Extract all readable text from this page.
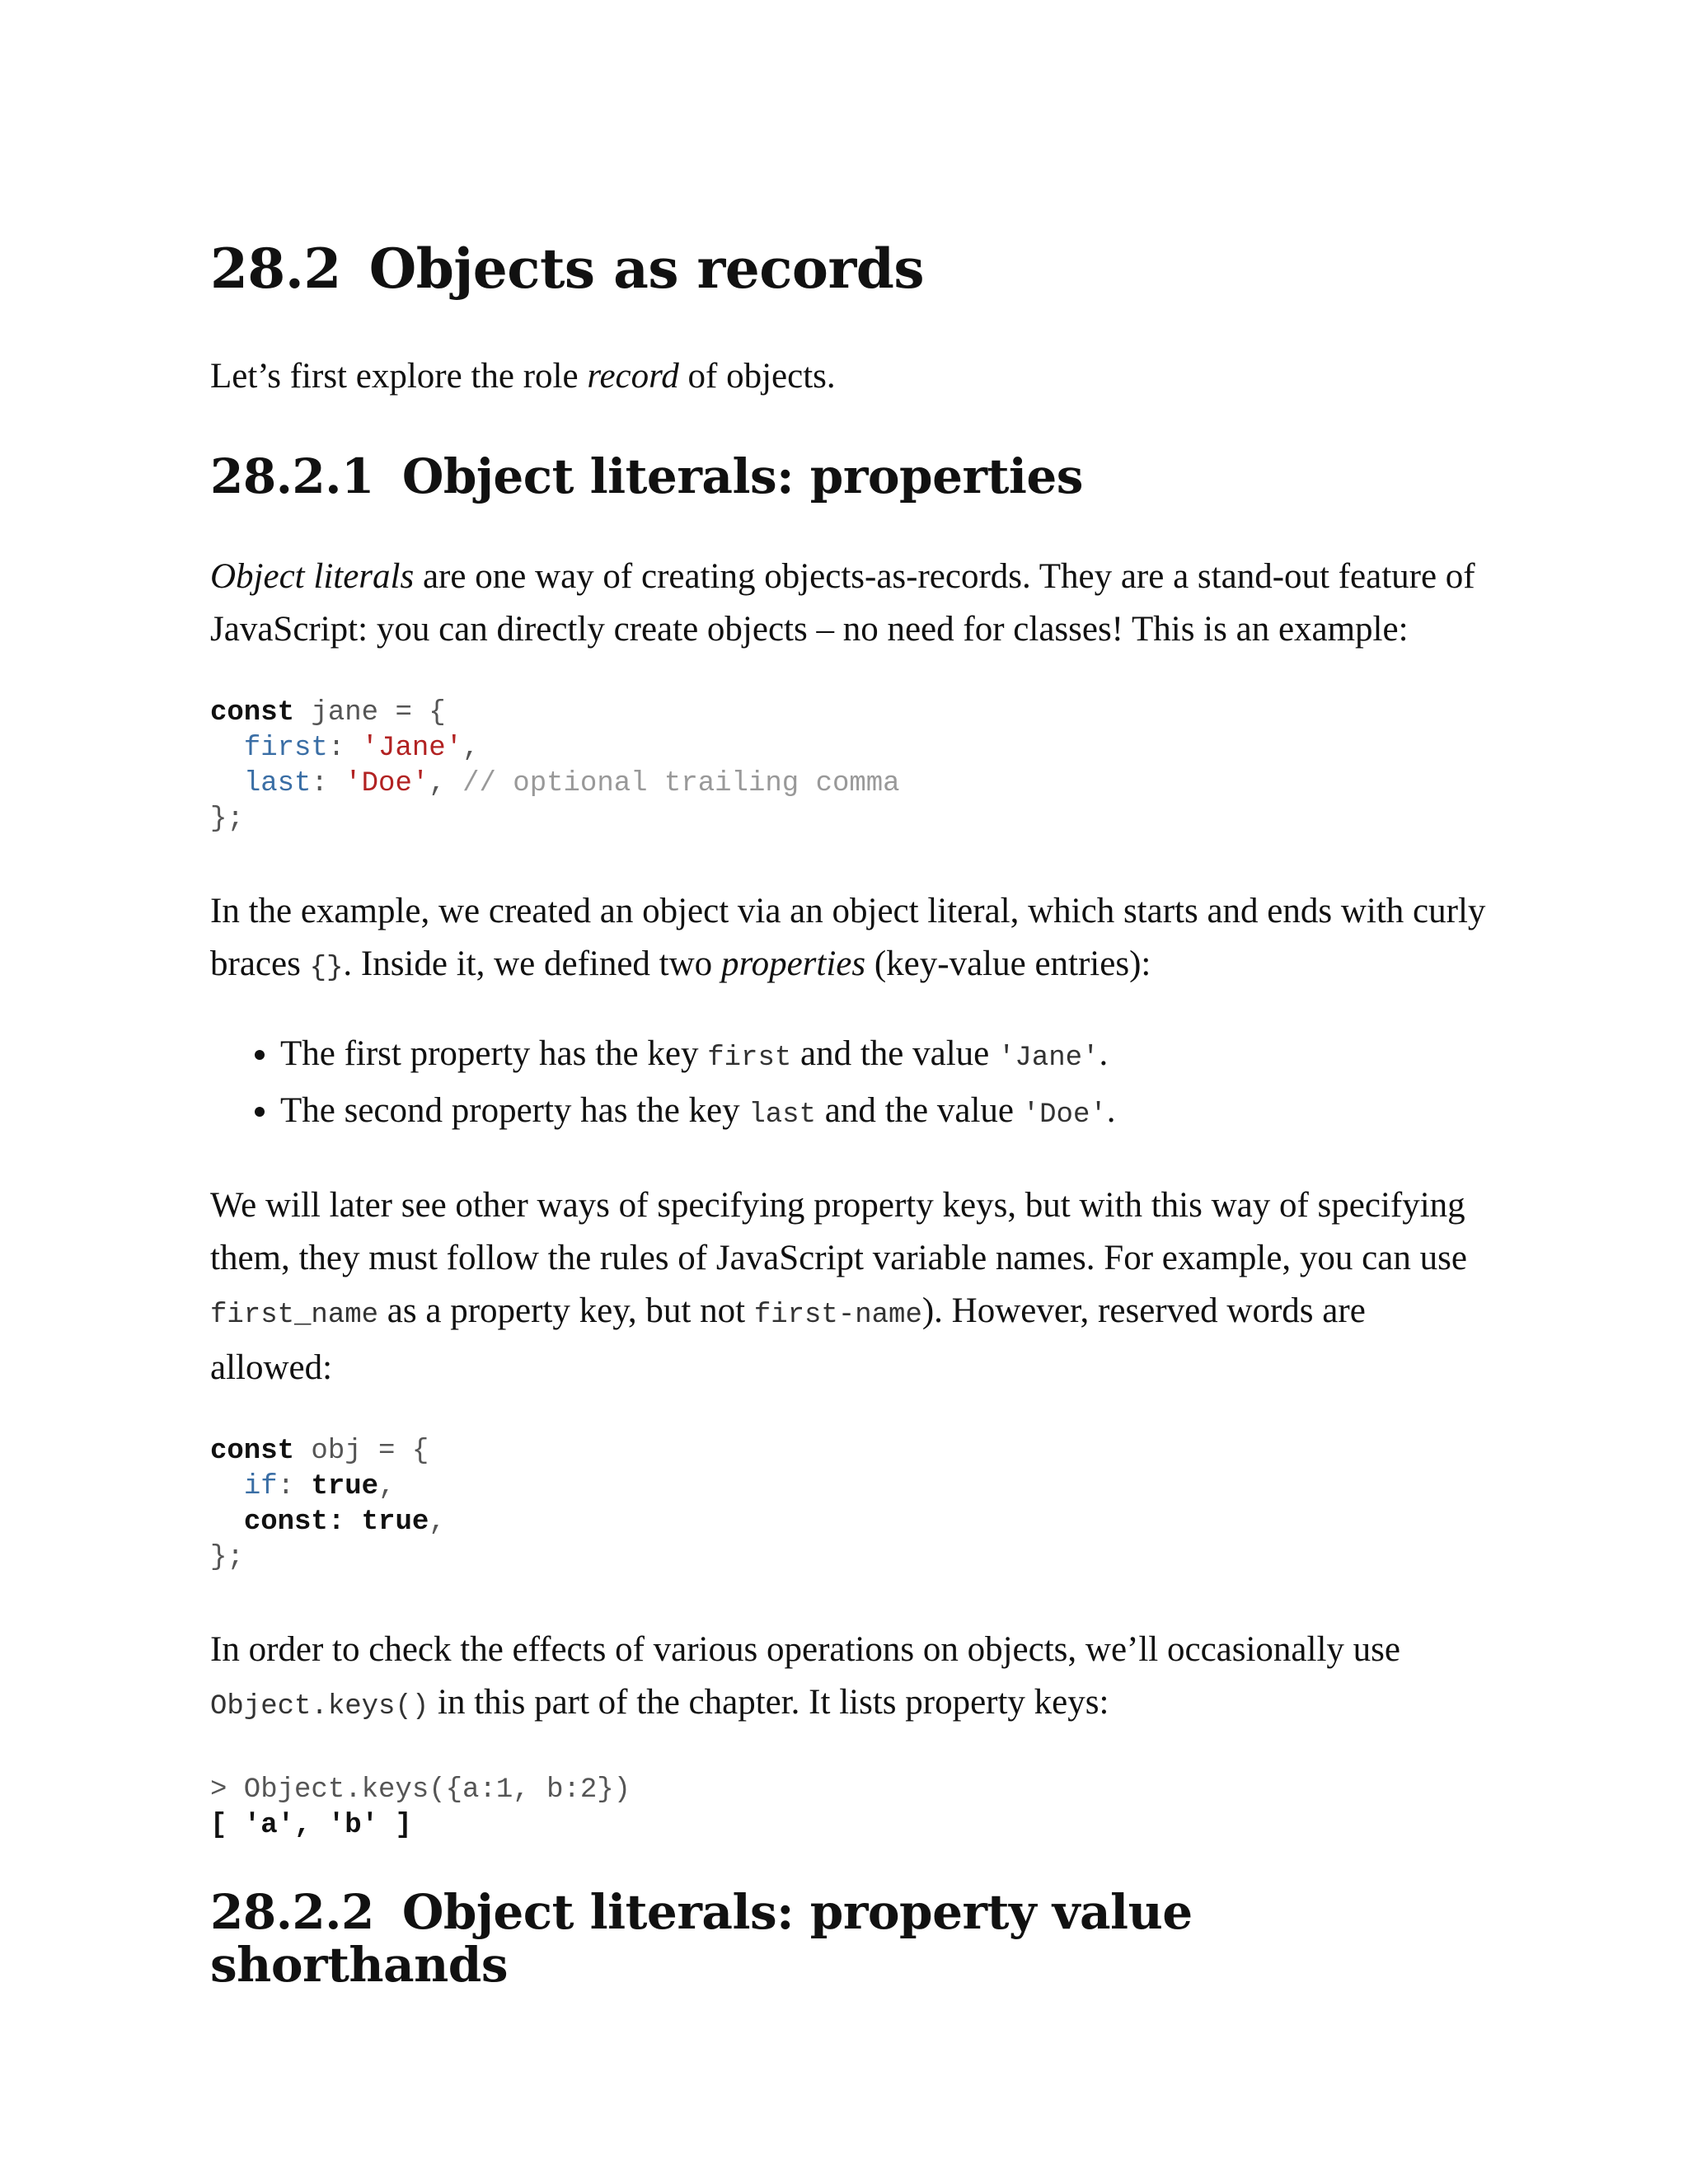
28.2 Objects as records

Let’s first explore the role record of objects.

28.2.1 Object literals: properties

Object literals are one way of creating objects-as-records. They are a stand-out feature of JavaScript: you can directly create objects – no need for classes! This is an example:

const jane = {
first: 'Jane',
last: 'Doe', // optional trailing comma
};

In the example, we created an object via an object literal, which starts and ends with curly braces {}. Inside it, we defined two properties (key-value entries):

• The first property has the key first and the value 'Jane'.
• The second property has the key last and the value 'Doe'.

We will later see other ways of specifying property keys, but with this way of specifying them, they must follow the rules of JavaScript variable names. For example, you can use first_name as a property key, but not first-name). However, reserved words are allowed:

const obj = {
if: true,
const: true,
};

In order to check the effects of various operations on objects, we’ll occasionally use Object.keys() in this part of the chapter. It lists property keys:

> Object.keys({a:1, b:2})
[ 'a', 'b' ]
28.2.2 Object literals: property value shorthands
